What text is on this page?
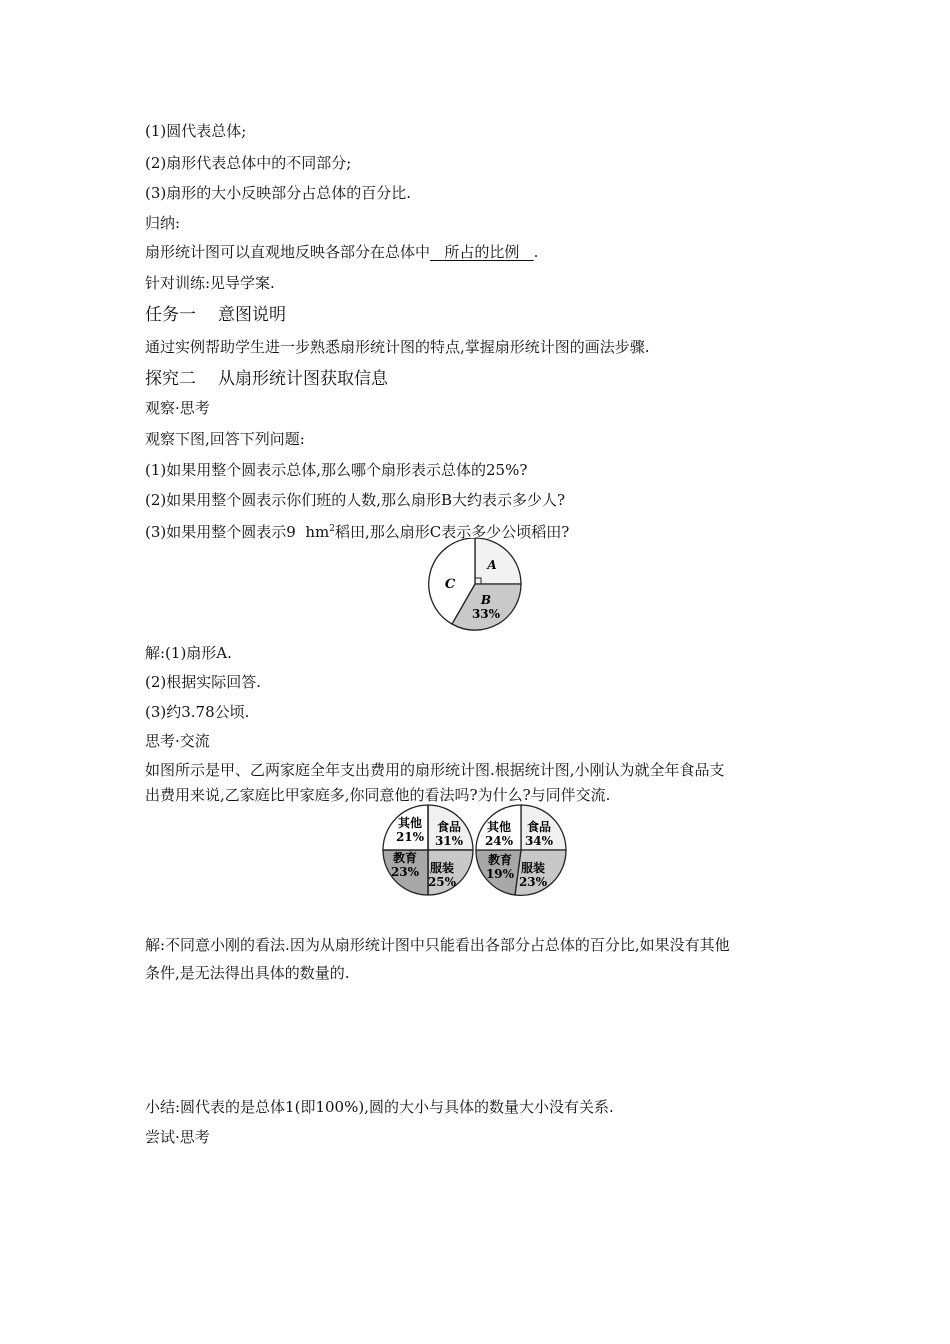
(1)圆代表总体;
(2)扇形代表总体中的不同部分;
(3)扇形的大小反映部分占总体的百分比.
归纳:
扇形统计图可以直观地反映各部分在总体中   所占的比例   .
针对训练:见导学案.
任务一 意图说明
通过实例帮助学生进一步熟悉扇形统计图的特点,掌握扇形统计图的画法步骤.
探究二 从扇形统计图获取信息
观察·思考
观察下图,回答下列问题:
(1)如果用整个圆表示总体,那么哪个扇形表示总体的25%?
(2)如果用整个圆表示你们班的人数,那么扇形B大约表示多少人?
(3)如果用整个圆表示9  $hm^2$稻田,那么扇形C表示多少公顷稻田?
A
B
33%
C
解:(1)扇形A.
(2)根据实际回答.
(3)约3.78公顷.
思考·交流
如图所示是甲、乙两家庭全年支出费用的扇形统计图.根据统计图,小刚认为就全年食品支
出费用来说,乙家庭比甲家庭多,你同意他的看法吗?为什么?与同伴交流.
其他
21%
食品
31%
教育
23% 服装
25%
其他
24%
食品
34%
教育
19% 服装
23%
解:不同意小刚的看法.因为从扇形统计图中只能看出各部分占总体的百分比,如果没有其他
条件,是无法得出具体的数量的.
小结:圆代表的是总体1(即100%),圆的大小与具体的数量大小没有关系.
尝试·思考
